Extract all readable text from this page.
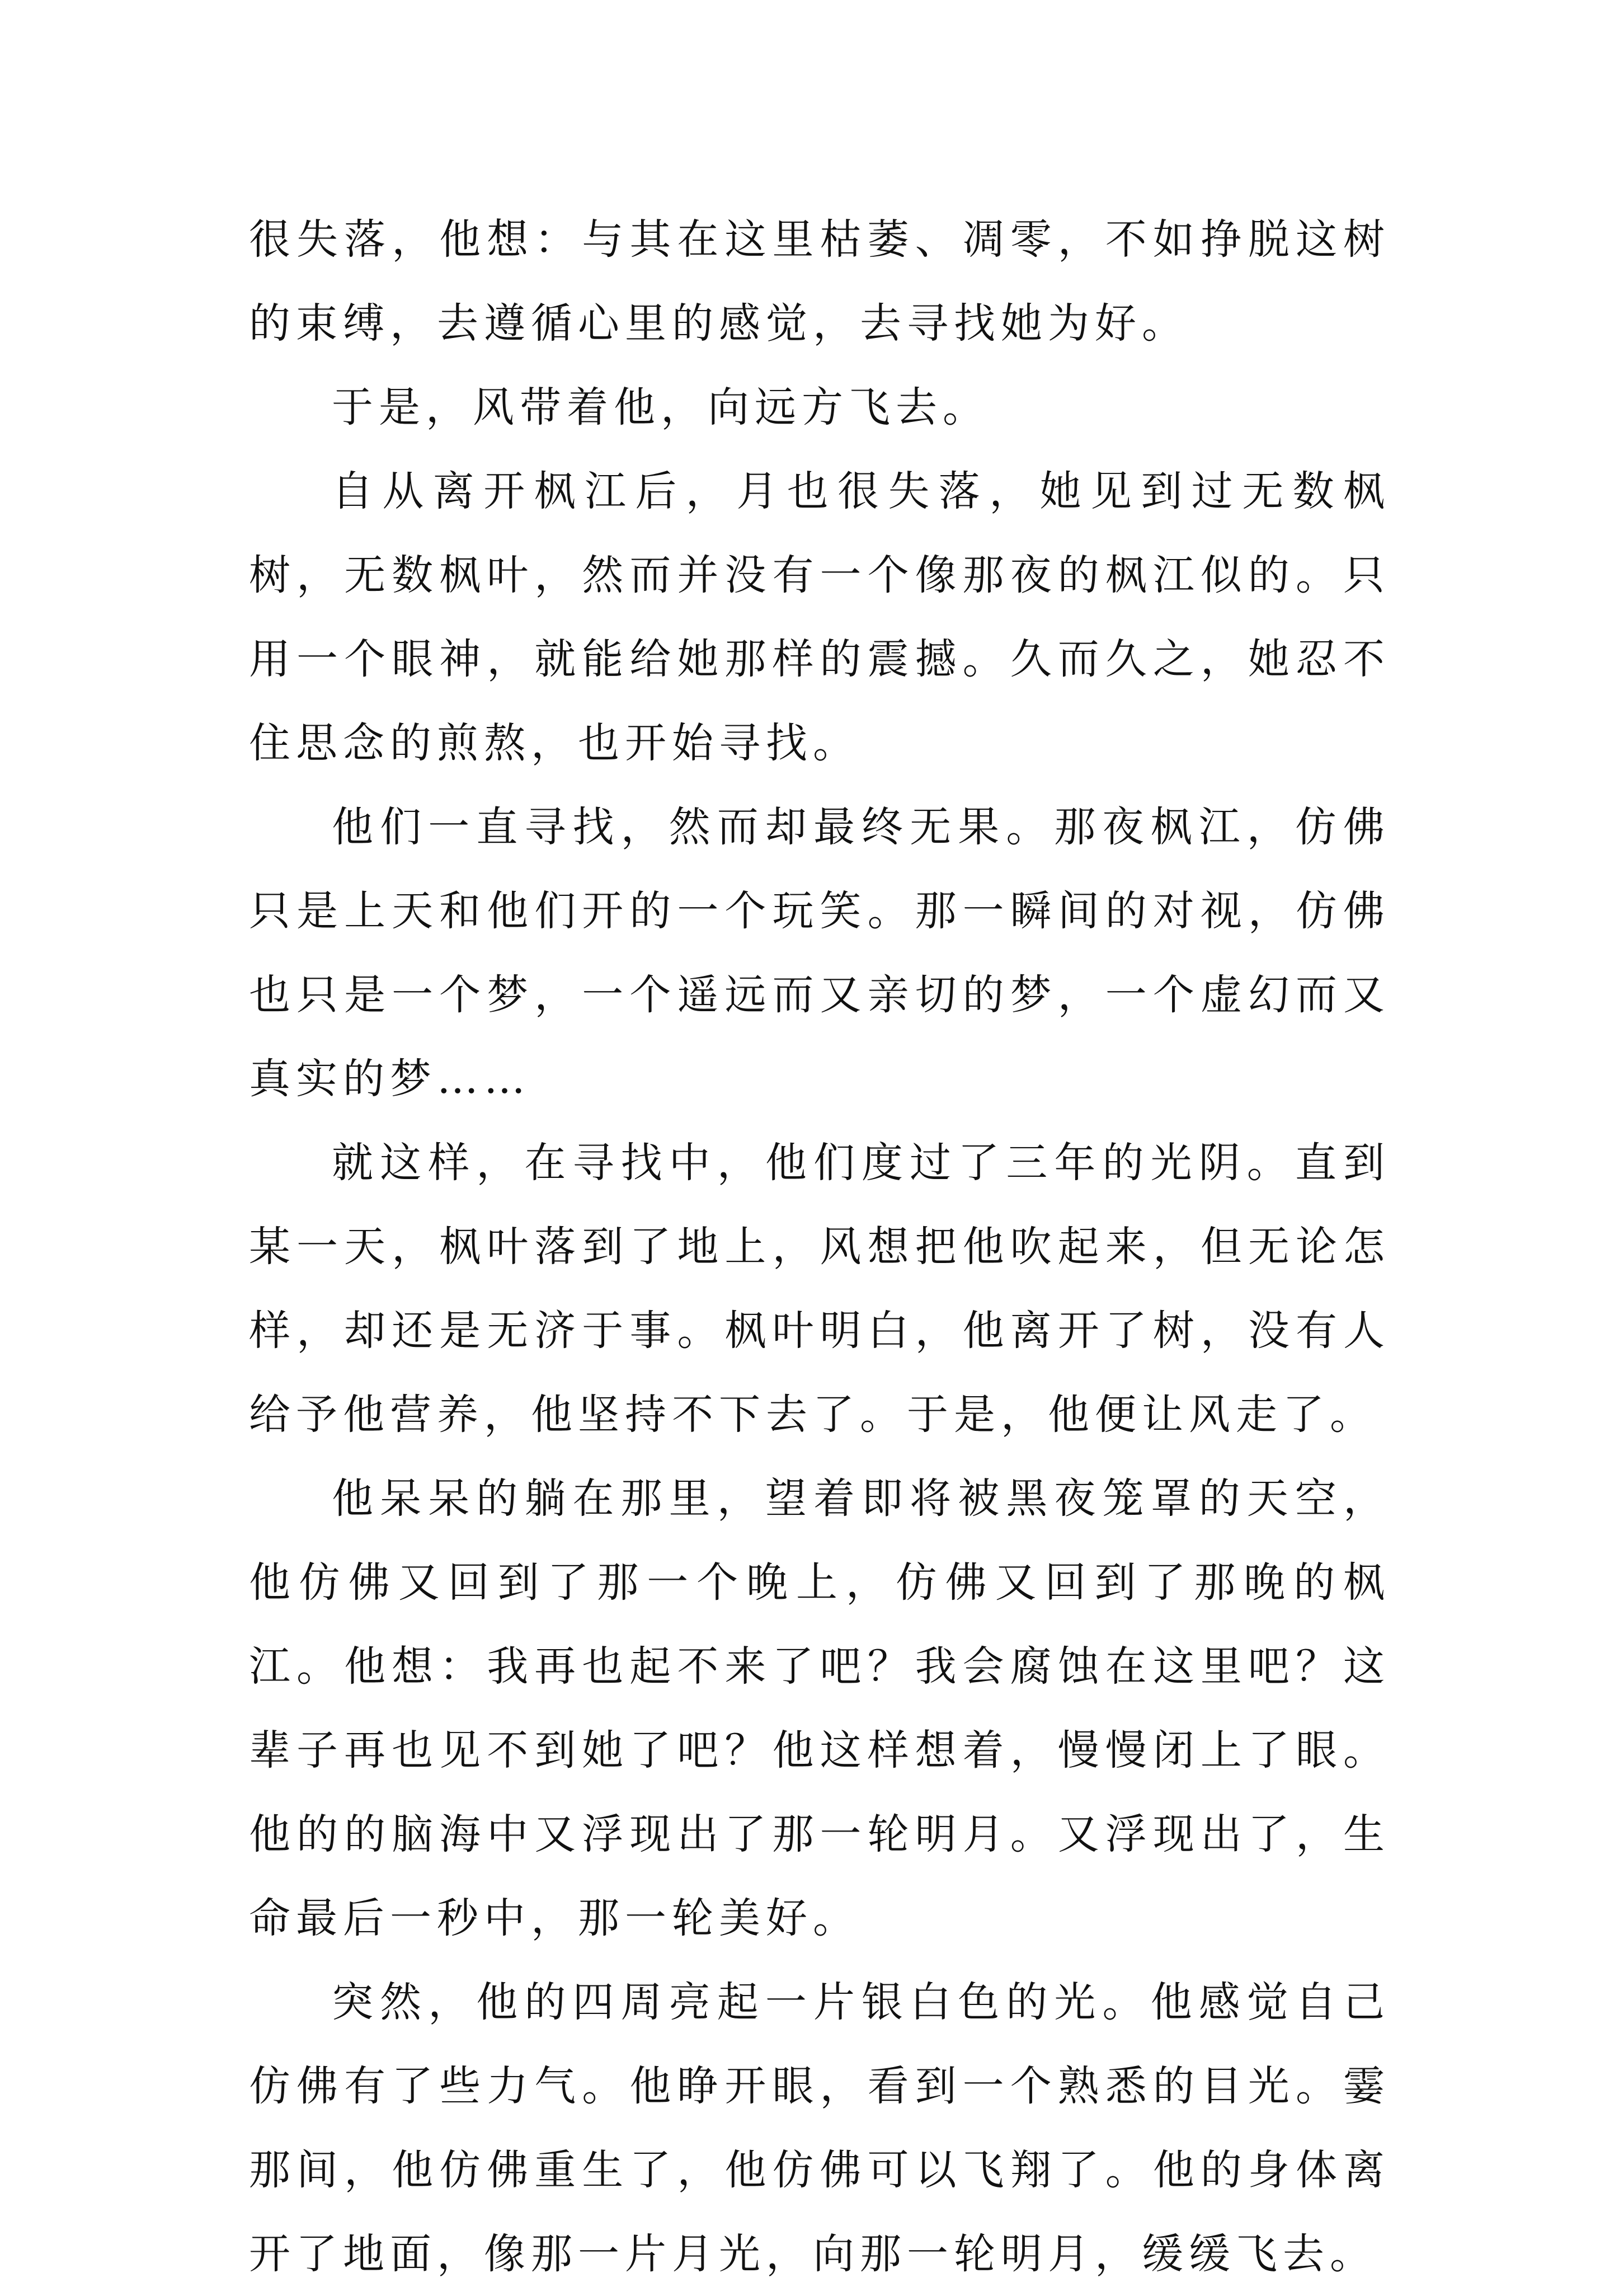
很失落，他想：与其在这里枯萎、凋零，不如挣脱这树的束缚，去遵循心里的感觉，去寻找她为好。

于是，风带着他，向远方飞去。

自从离开枫江后，月也很失落，她见到过无数枫树，无数枫叶，然而并没有一个像那夜的枫江似的。只用一个眼神，就能给她那样的震撼。久而久之，她忍不住思念的煎熬，也开始寻找。

他们一直寻找，然而却最终无果。那夜枫江，仿佛只是上天和他们开的一个玩笑。那一瞬间的对视，仿佛也只是一个梦，一个遥远而又亲切的梦，一个虚幻而又真实的梦……

就这样，在寻找中，他们度过了三年的光阴。直到某一天，枫叶落到了地上，风想把他吹起来，但无论怎样，却还是无济于事。枫叶明白，他离开了树，没有人给予他营养，他坚持不下去了。于是，他便让风走了。

他呆呆的躺在那里，望着即将被黑夜笼罩的天空，他仿佛又回到了那一个晚上，仿佛又回到了那晚的枫江。他想：我再也起不来了吧？我会腐蚀在这里吧？这辈子再也见不到她了吧？他这样想着，慢慢闭上了眼。他的的脑海中又浮现出了那一轮明月。又浮现出了，生命最后一秒中，那一轮美好。

突然，他的四周亮起一片银白色的光。他感觉自己仿佛有了些力气。他睁开眼，看到一个熟悉的目光。霎那间，他仿佛重生了，他仿佛可以飞翔了。他的身体离开了地面，像那一片月光，向那一轮明月，缓缓飞去。
